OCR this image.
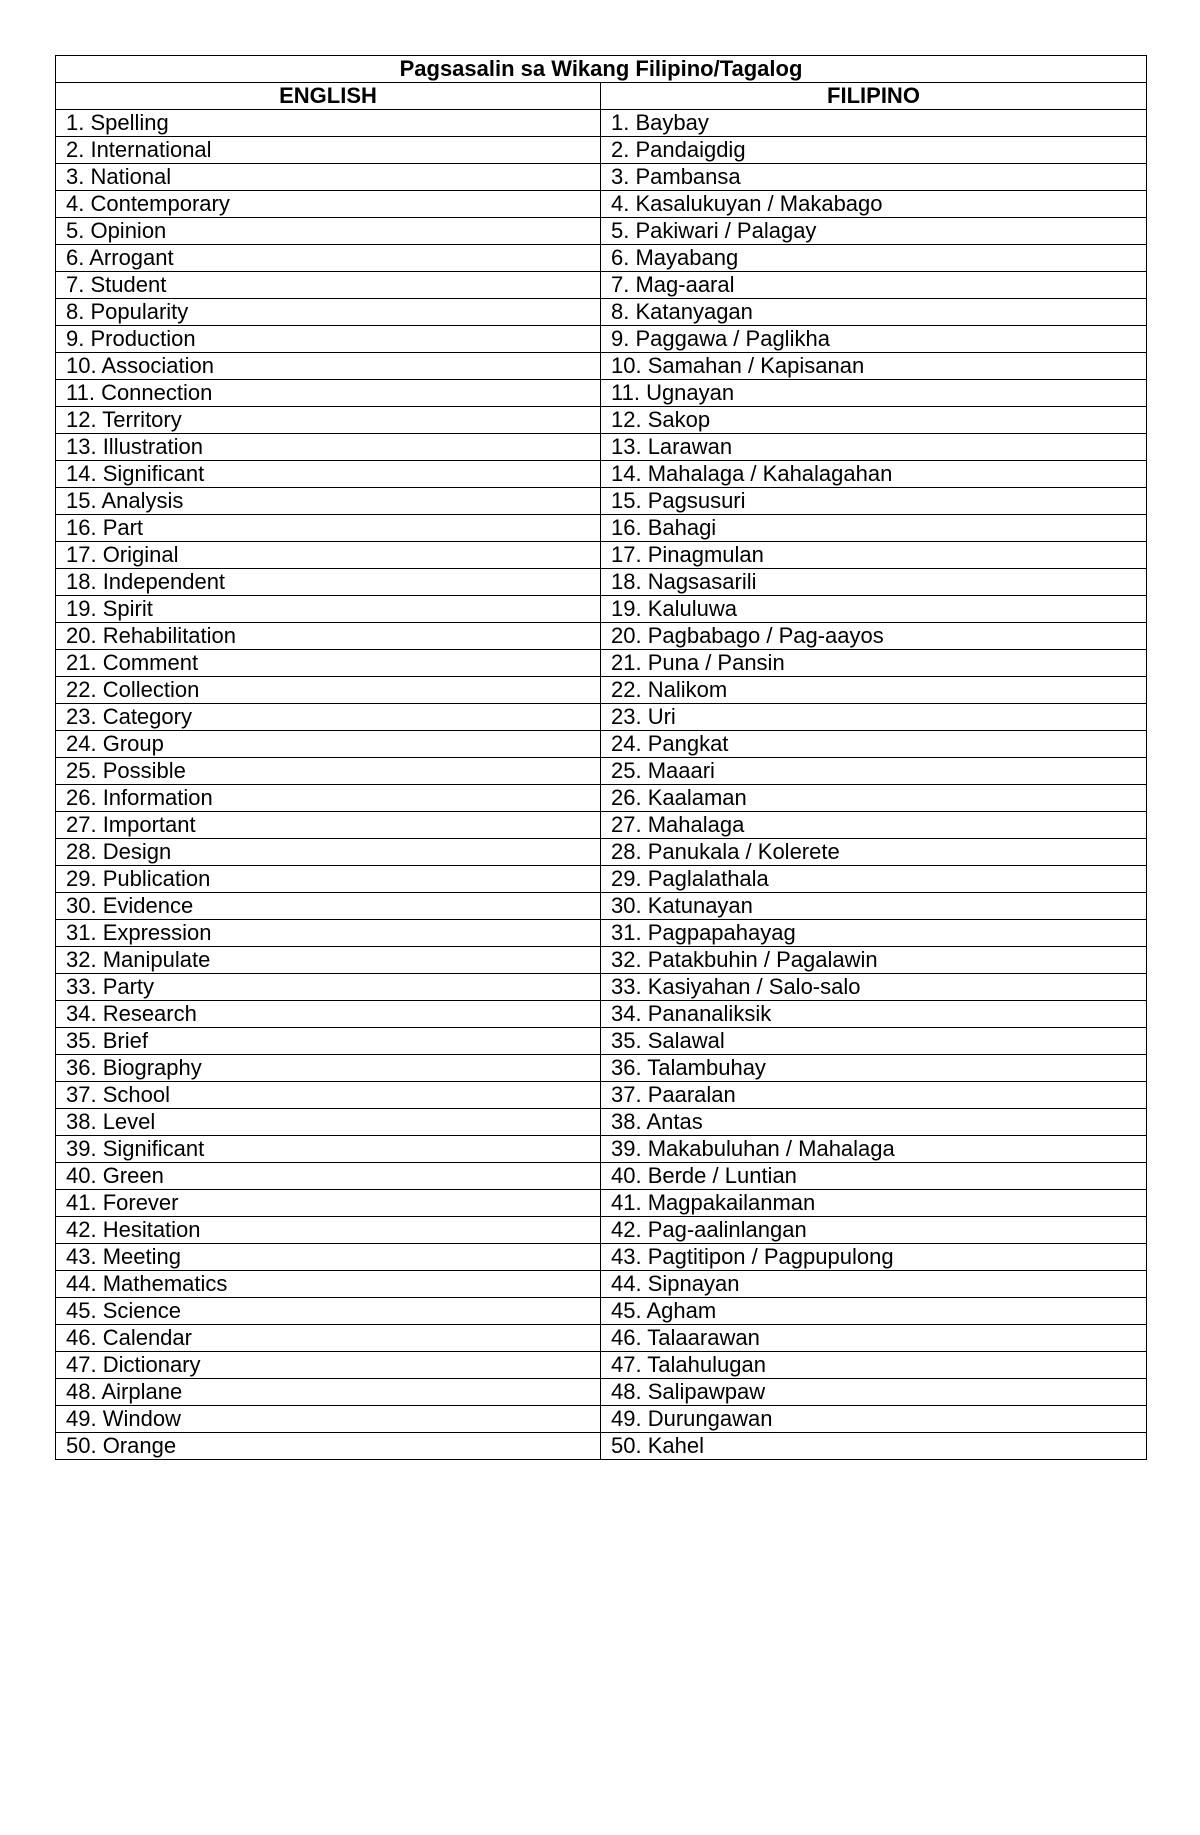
Pagsasalin sa Wikang Filipino/Tagalog	
ENGLISH	FILIPINO
1. Spelling	1. Baybay
2. International	2. Pandaigdig
3. National	3. Pambansa
4. Contemporary	4. Kasalukuyan / Makabago
5. Opinion	5. Pakiwari / Palagay
6. Arrogant	6. Mayabang
7. Student	7. Mag-aaral
8. Popularity	8. Katanyagan
9. Production	9. Paggawa / Paglikha
10. Association	10. Samahan / Kapisanan
11. Connection	11. Ugnayan
12. Territory	12. Sakop
13. Illustration	13. Larawan
14. Significant	14. Mahalaga / Kahalagahan
15. Analysis	15. Pagsusuri
16. Part	16. Bahagi
17. Original	17. Pinagmulan
18. Independent	18. Nagsasarili
19. Spirit	19. Kaluluwa
20. Rehabilitation	20. Pagbabago / Pag-aayos
21. Comment	21. Puna / Pansin
22. Collection	22. Nalikom
23. Category	23. Uri
24. Group	24. Pangkat
25. Possible	25. Maaari
26. Information	26. Kaalaman
27. Important	27. Mahalaga
28. Design	28. Panukala / Kolerete
29. Publication	29. Paglalathala
30. Evidence	30. Katunayan
31. Expression	31. Pagpapahayag
32. Manipulate	32. Patakbuhin / Pagalawin
33. Party	33. Kasiyahan / Salo-salo
34. Research	34. Pananaliksik
35. Brief	35. Salawal
36. Biography	36. Talambuhay
37. School	37. Paaralan
38. Level	38. Antas
39. Significant	39. Makabuluhan / Mahalaga
40. Green	40. Berde / Luntian
41. Forever	41. Magpakailanman
42. Hesitation	42. Pag-aalinlangan
43. Meeting	43. Pagtitipon / Pagpupulong
44. Mathematics	44. Sipnayan
45. Science	45. Agham
46. Calendar	46. Talaarawan
47. Dictionary	47. Talahulugan
48. Airplane	48. Salipawpaw
49. Window	49. Durungawan
50. Orange	50. Kahel
